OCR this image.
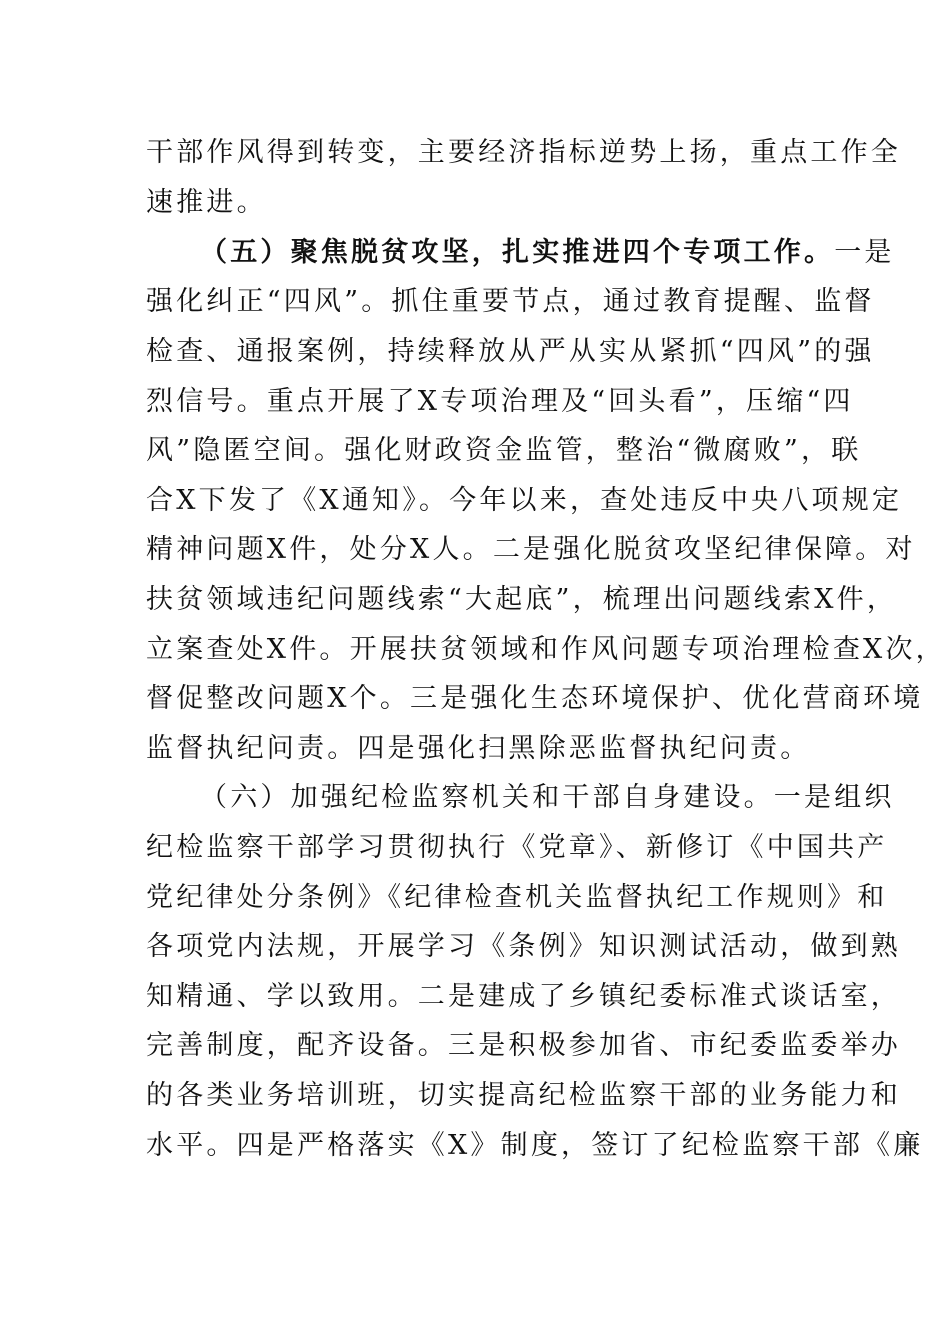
干部作风得到转变，主要经济指标逆势上扬，重点工作全
速推进。
（五）聚焦脱贫攻坚，扎实推进四个专项工作。一是
强化纠正“四风”。抓住重要节点，通过教育提醒、监督
检查、通报案例，持续释放从严从实从紧抓“四风”的强
烈信号。重点开展了X专项治理及“回头看”，压缩“四
风”隐匿空间。强化财政资金监管，整治“微腐败”，联
合X下发了《X通知》。今年以来，查处违反中央八项规定
精神问题X件，处分X人。二是强化脱贫攻坚纪律保障。对
扶贫领域违纪问题线索“大起底”，梳理出问题线索X件，
立案查处X件。开展扶贫领域和作风问题专项治理检查X次，
督促整改问题X个。三是强化生态环境保护、优化营商环境
监督执纪问责。四是强化扫黑除恶监督执纪问责。
（六）加强纪检监察机关和干部自身建设。一是组织
纪检监察干部学习贯彻执行《党章》、新修订《中国共产
党纪律处分条例》《纪律检查机关监督执纪工作规则》和
各项党内法规，开展学习《条例》知识测试活动，做到熟
知精通、学以致用。二是建成了乡镇纪委标准式谈话室，
完善制度，配齐设备。三是积极参加省、市纪委监委举办
的各类业务培训班，切实提高纪检监察干部的业务能力和
水平。四是严格落实《X》制度，签订了纪检监察干部《廉
